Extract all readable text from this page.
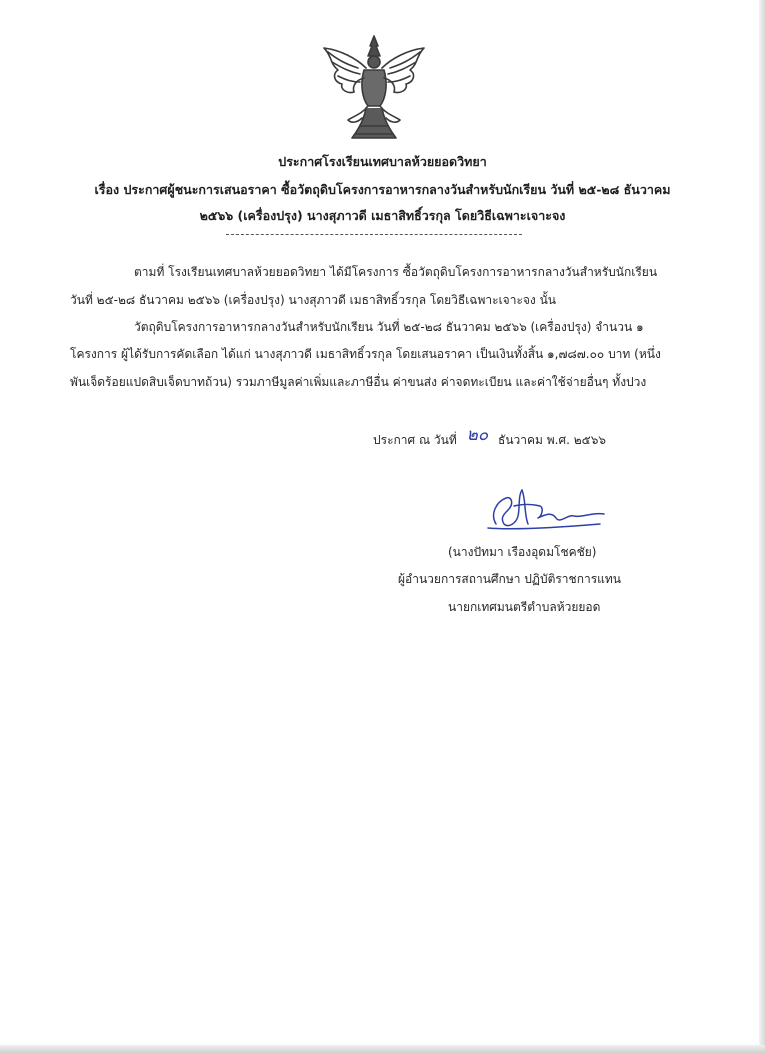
ประกาศโรงเรียนเทศบาลห้วยยอดวิทยา
เรื่อง ประกาศผู้ชนะการเสนอราคา ซื้อวัตถุดิบโครงการอาหารกลางวันสำหรับนักเรียน วันที่ ๒๕-๒๘ ธันวาคม
๒๕๖๖ (เครื่องปรุง) นางสุภาวดี เมธาสิทธิ์วรกุล โดยวิธีเฉพาะเจาะจง
ตามที่ โรงเรียนเทศบาลห้วยยอดวิทยา ได้มีโครงการ ซื้อวัตถุดิบโครงการอาหารกลางวันสำหรับนักเรียน
วันที่ ๒๕-๒๘ ธันวาคม ๒๕๖๖ (เครื่องปรุง) นางสุภาวดี เมธาสิทธิ์วรกุล โดยวิธีเฉพาะเจาะจง นั้น
วัตถุดิบโครงการอาหารกลางวันสำหรับนักเรียน วันที่ ๒๕-๒๘ ธันวาคม ๒๕๖๖ (เครื่องปรุง) จำนวน ๑
โครงการ ผู้ได้รับการคัดเลือก ได้แก่ นางสุภาวดี เมธาสิทธิ์วรกุล โดยเสนอราคา เป็นเงินทั้งสิ้น ๑,๗๘๗.๐๐ บาท (หนึ่ง
พันเจ็ดร้อยแปดสิบเจ็ดบาทถ้วน) รวมภาษีมูลค่าเพิ่มและภาษีอื่น ค่าขนส่ง ค่าจดทะเบียน และค่าใช้จ่ายอื่นๆ ทั้งปวง
ประกาศ ณ วันที่ ๒๐ ธันวาคม พ.ศ. ๒๕๖๖
(นางปัทมา เรืองอุดมโชคชัย)
ผู้อำนวยการสถานศึกษา ปฏิบัติราชการแทน
นายกเทศมนตรีตำบลห้วยยอด
